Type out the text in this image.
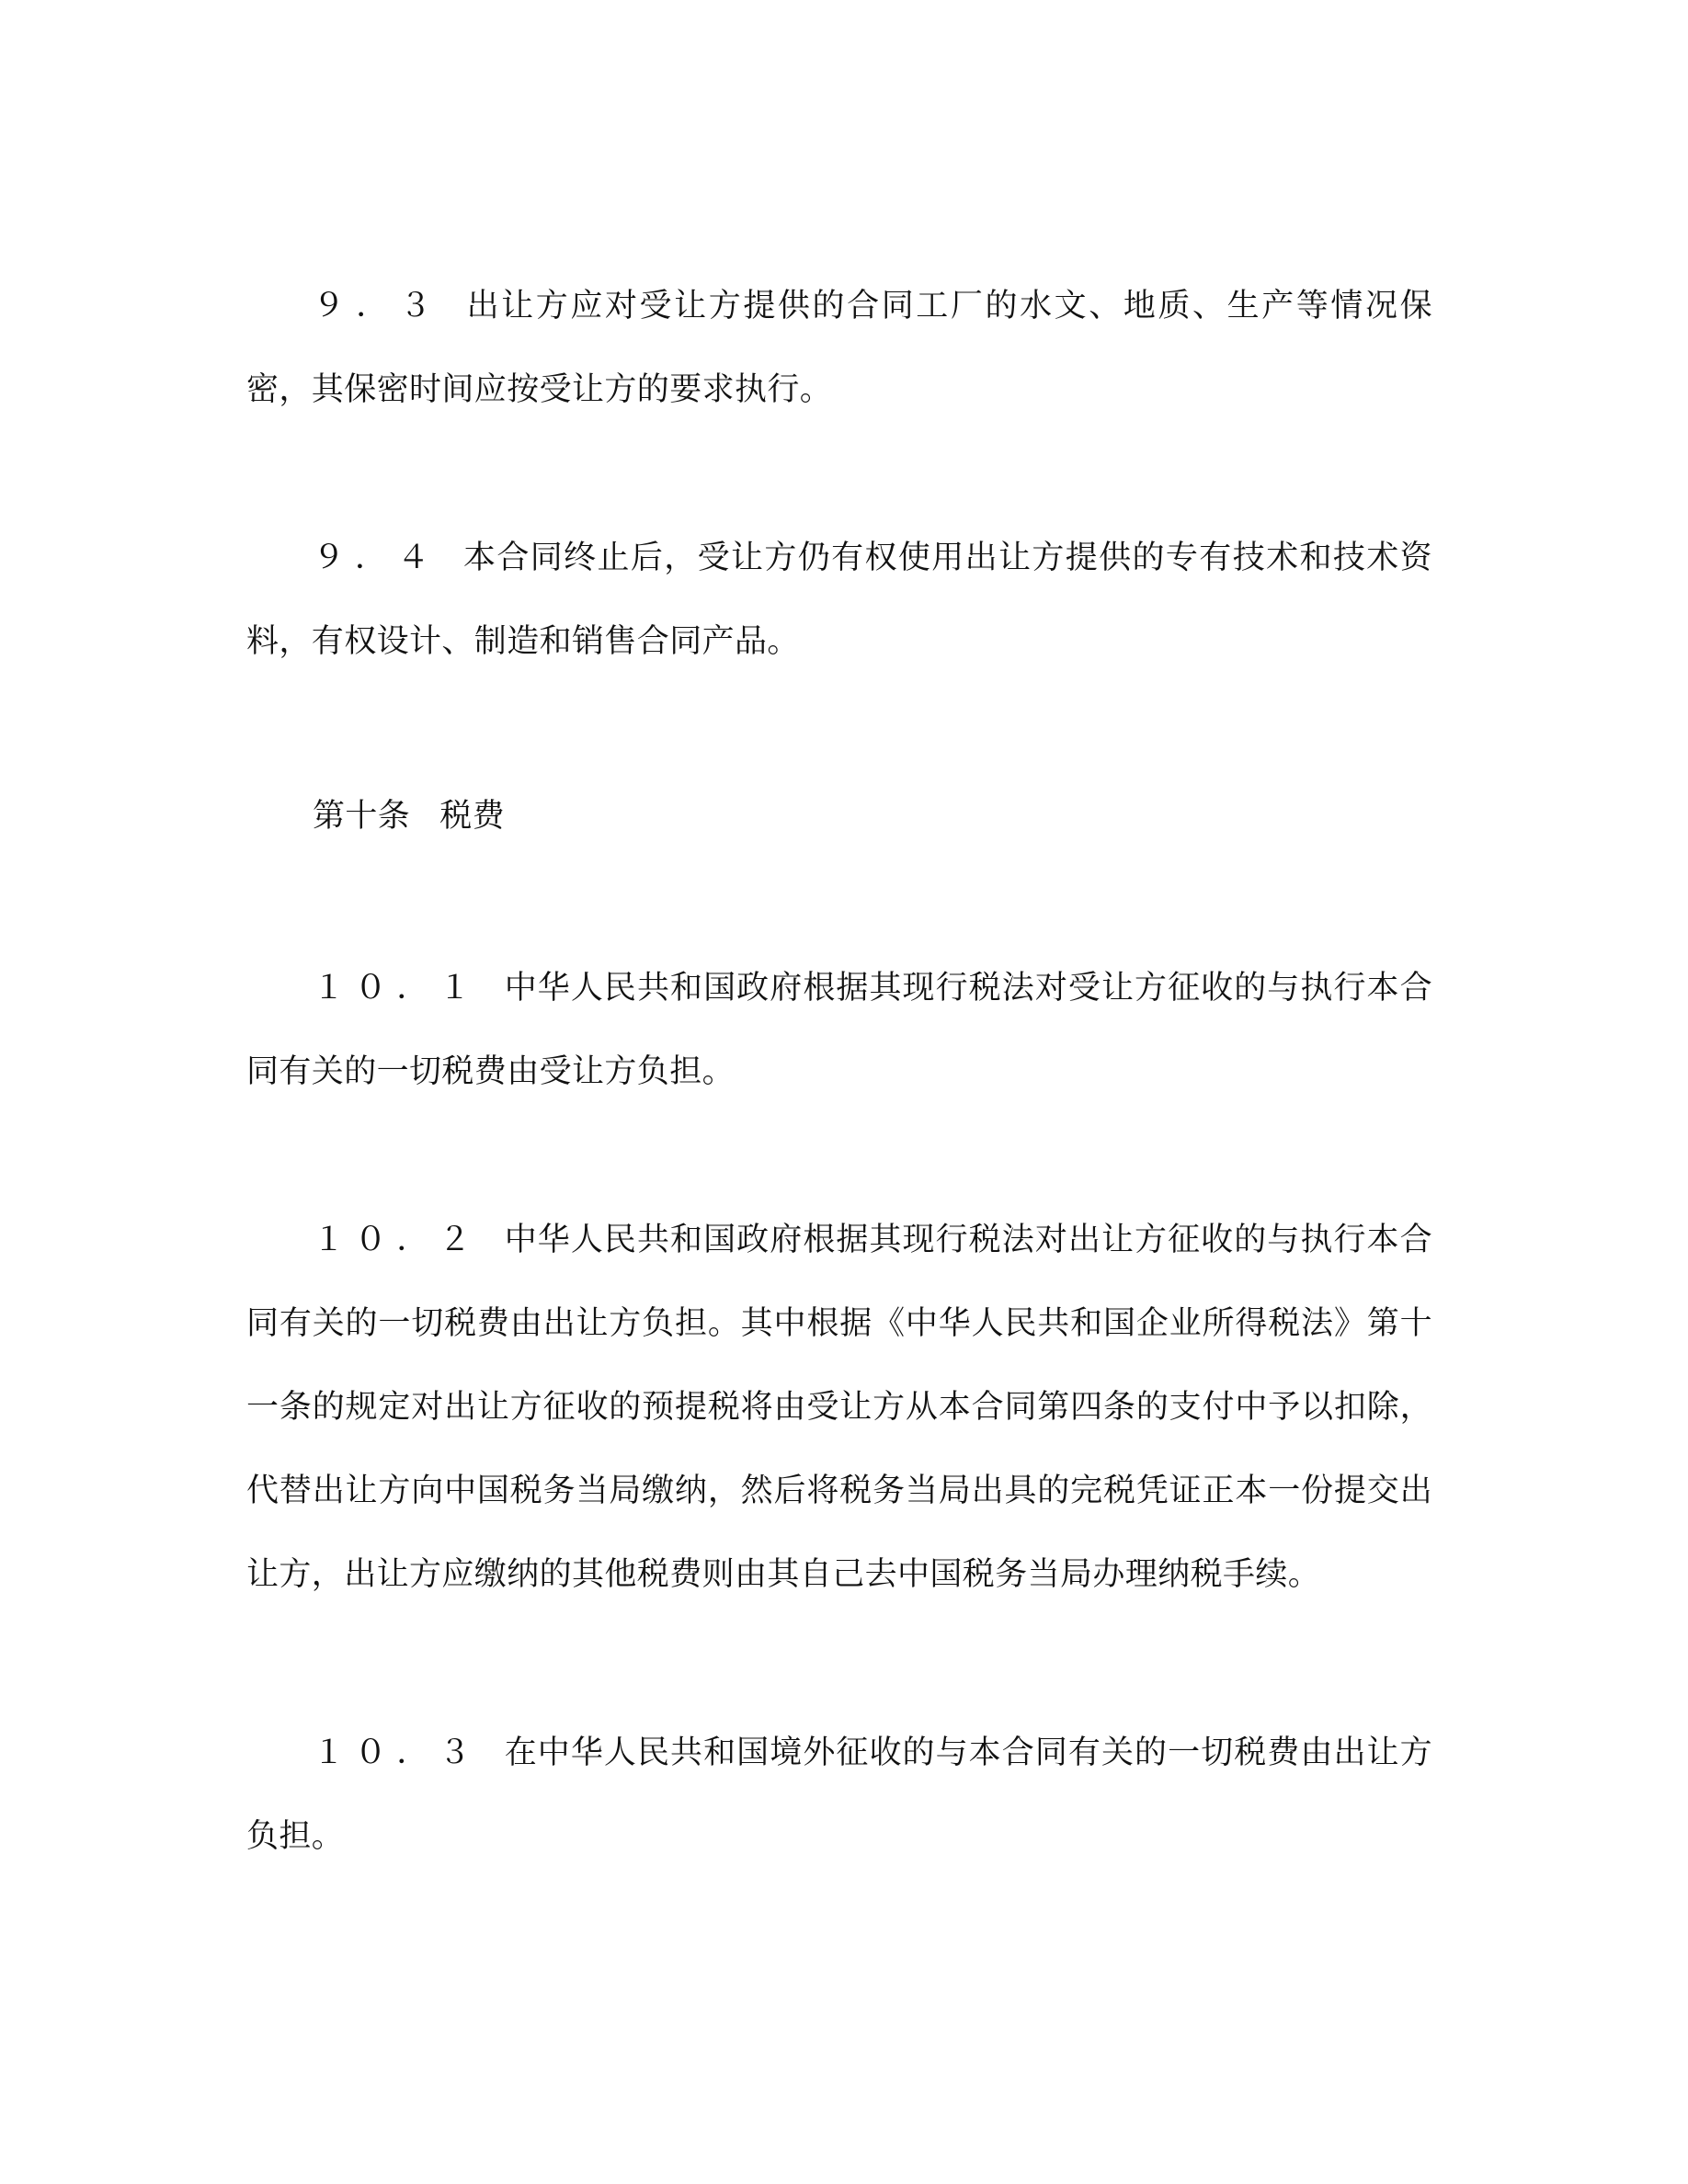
９．３ 出让方应对受让方提供的合同工厂的水文、地质、生产等情况保密，其保密时间应按受让方的要求执行。

９．４ 本合同终止后，受让方仍有权使用出让方提供的专有技术和技术资料，有权设计、制造和销售合同产品。

第十条 税费

１０．１ 中华人民共和国政府根据其现行税法对受让方征收的与执行本合同有关的一切税费由受让方负担。

１０．２ 中华人民共和国政府根据其现行税法对出让方征收的与执行本合同有关的一切税费由出让方负担。其中根据《中华人民共和国企业所得税法》第十一条的规定对出让方征收的预提税将由受让方从本合同第四条的支付中予以扣除，代替出让方向中国税务当局缴纳，然后将税务当局出具的完税凭证正本一份提交出让方，出让方应缴纳的其他税费则由其自己去中国税务当局办理纳税手续。

１０．３ 在中华人民共和国境外征收的与本合同有关的一切税费由出让方负担。
